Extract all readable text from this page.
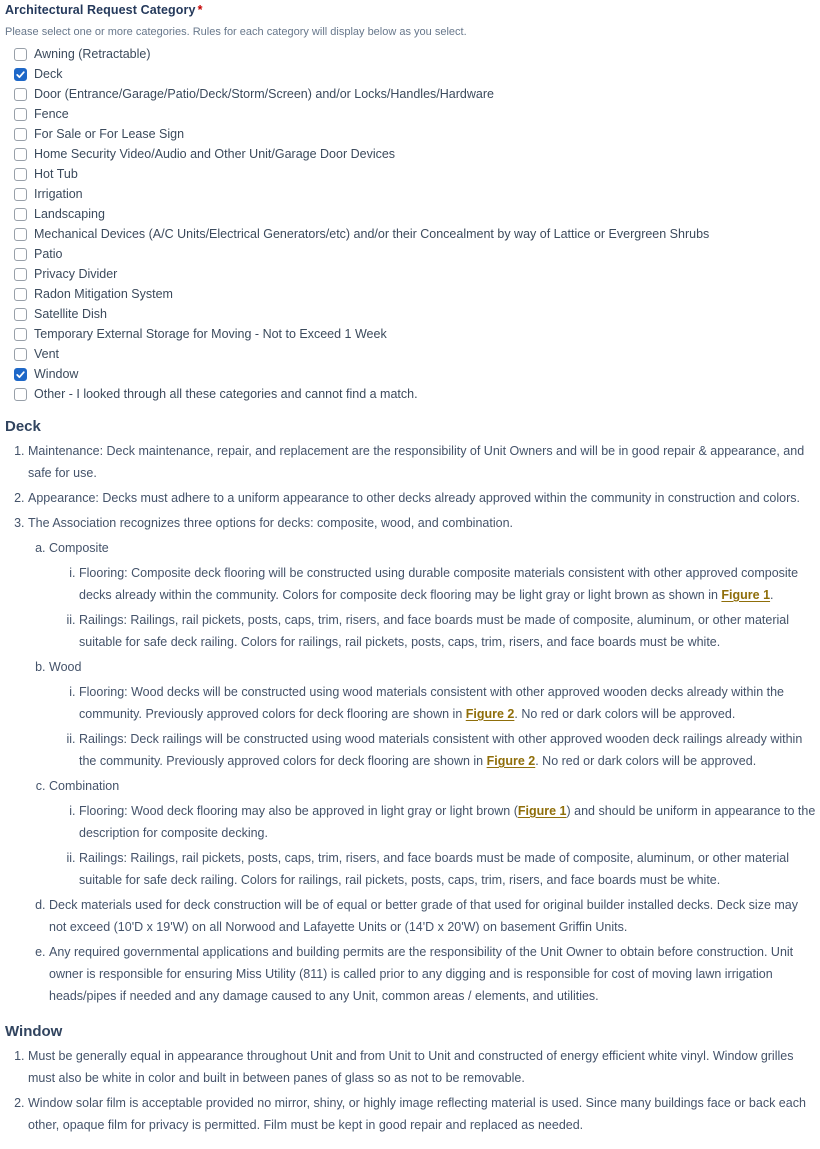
Architectural Request Category *
Please select one or more categories. Rules for each category will display below as you select.
Awning (Retractable)
Deck
Door (Entrance/Garage/Patio/Deck/Storm/Screen) and/or Locks/Handles/Hardware
Fence
For Sale or For Lease Sign
Home Security Video/Audio and Other Unit/Garage Door Devices
Hot Tub
Irrigation
Landscaping
Mechanical Devices (A/C Units/Electrical Generators/etc) and/or their Concealment by way of Lattice or Evergreen Shrubs
Patio
Privacy Divider
Radon Mitigation System
Satellite Dish
Temporary External Storage for Moving - Not to Exceed 1 Week
Vent
Window
Other - I looked through all these categories and cannot find a match.
Deck
1. Maintenance: Deck maintenance, repair, and replacement are the responsibility of Unit Owners and will be in good repair & appearance, and safe for use.
2. Appearance: Decks must adhere to a uniform appearance to other decks already approved within the community in construction and colors.
3. The Association recognizes three options for decks: composite, wood, and combination.
a. Composite
i. Flooring: Composite deck flooring will be constructed using durable composite materials consistent with other approved composite decks already within the community. Colors for composite deck flooring may be light gray or light brown as shown in Figure 1.
ii. Railings: Railings, rail pickets, posts, caps, trim, risers, and face boards must be made of composite, aluminum, or other material suitable for safe deck railing. Colors for railings, rail pickets, posts, caps, trim, risers, and face boards must be white.
b. Wood
i. Flooring: Wood decks will be constructed using wood materials consistent with other approved wooden decks already within the community. Previously approved colors for deck flooring are shown in Figure 2. No red or dark colors will be approved.
ii. Railings: Deck railings will be constructed using wood materials consistent with other approved wooden deck railings already within the community. Previously approved colors for deck flooring are shown in Figure 2. No red or dark colors will be approved.
c. Combination
i. Flooring: Wood deck flooring may also be approved in light gray or light brown (Figure 1) and should be uniform in appearance to the description for composite decking.
ii. Railings: Railings, rail pickets, posts, caps, trim, risers, and face boards must be made of composite, aluminum, or other material suitable for safe deck railing. Colors for railings, rail pickets, posts, caps, trim, risers, and face boards must be white.
d. Deck materials used for deck construction will be of equal or better grade of that used for original builder installed decks. Deck size may not exceed (10'D x 19'W) on all Norwood and Lafayette Units or (14'D x 20'W) on basement Griffin Units.
e. Any required governmental applications and building permits are the responsibility of the Unit Owner to obtain before construction. Unit owner is responsible for ensuring Miss Utility (811) is called prior to any digging and is responsible for cost of moving lawn irrigation heads/pipes if needed and any damage caused to any Unit, common areas / elements, and utilities.
Window
1. Must be generally equal in appearance throughout Unit and from Unit to Unit and constructed of energy efficient white vinyl. Window grilles must also be white in color and built in between panes of glass so as not to be removable.
2. Window solar film is acceptable provided no mirror, shiny, or highly image reflecting material is used. Since many buildings face or back each other, opaque film for privacy is permitted. Film must be kept in good repair and replaced as needed.
